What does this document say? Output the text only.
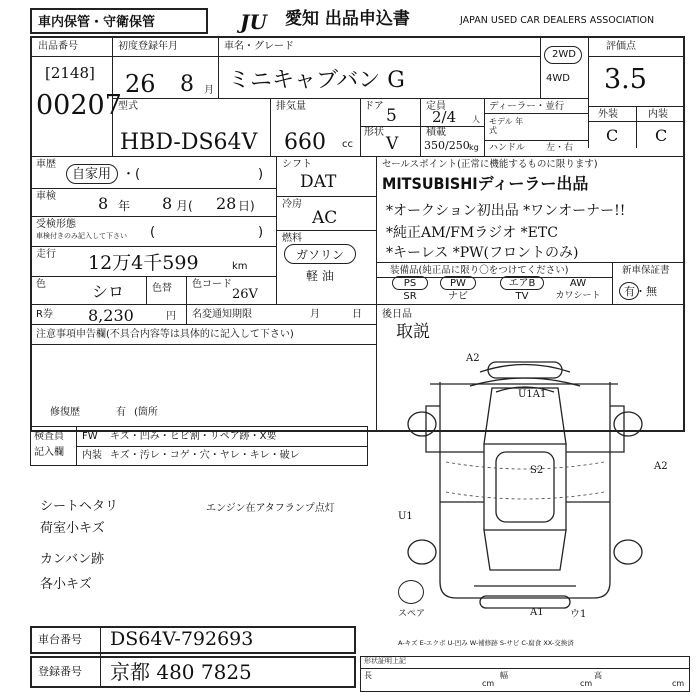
車内保管・守衛保管	JU	愛知 出品申込書	JAPAN USED CAR DEALERS ASSOCIATION
出品番号
[2148]
00207
初度登録年月
26 8 月
車名・グレード
ミニキャブバン G
2WD
4WD
評価点
3.5
外装	内装
C C
型式
HBD-DS64V
排気量
660 cc
ドア 5	定員
2/4 人
形状
V
積載
350/250 kg
ディーラー・並行
モデル 年式
ハンドル 左・右
車歴
自家用 ・(	)
車検	8 年 8 月( 28 日)
受検形態
車検付きのみ記入して下さい (	)
走行 12万4千599	km
色	シロ	色替 色コード
26V
シフト
DAT
冷房
AC
燃料
ガソリン
軽 油
セールスポイント(正常に機能するものに限ります)
MITSUBISHIディーラー出品
*オークション初出品 *ワンオーナー!!
*純正AM/FMラジオ *ETC
*キーレス *PW(フロントのみ)
装備品(純正品に限り〇をつけてください)	新車保証書
PS	PW	エアB	AW
SR	ナビ	TV	カワシート	有・無
R券 8,230	円 名変通知期限	月	日 後日品
取説
注意事項申告欄(不具合内容等は具体的に記入して下さい)
修復歴	有 (箇所
検査員
記入欄
FW キズ・凹み・ヒビ割・リペア跡・X要
内装 キズ・汚レ・コゲ・穴・ヤレ・キレ・破レ
シートヘタリ	エンジン在アタフランプ点灯
荷室小キズ
カンバン跡
各小キズ
A2
U1A1
S2
U1
A2
スペア	A1	ウ1
A-キズ E-エクボ U-凹み W-補修跡 S-サビ C-腐食 XX-交換済
車台番号 DS64V-792693
登録番号 京都 480 7825	形状証明上記
長
cm
幅
cm
高
cm
